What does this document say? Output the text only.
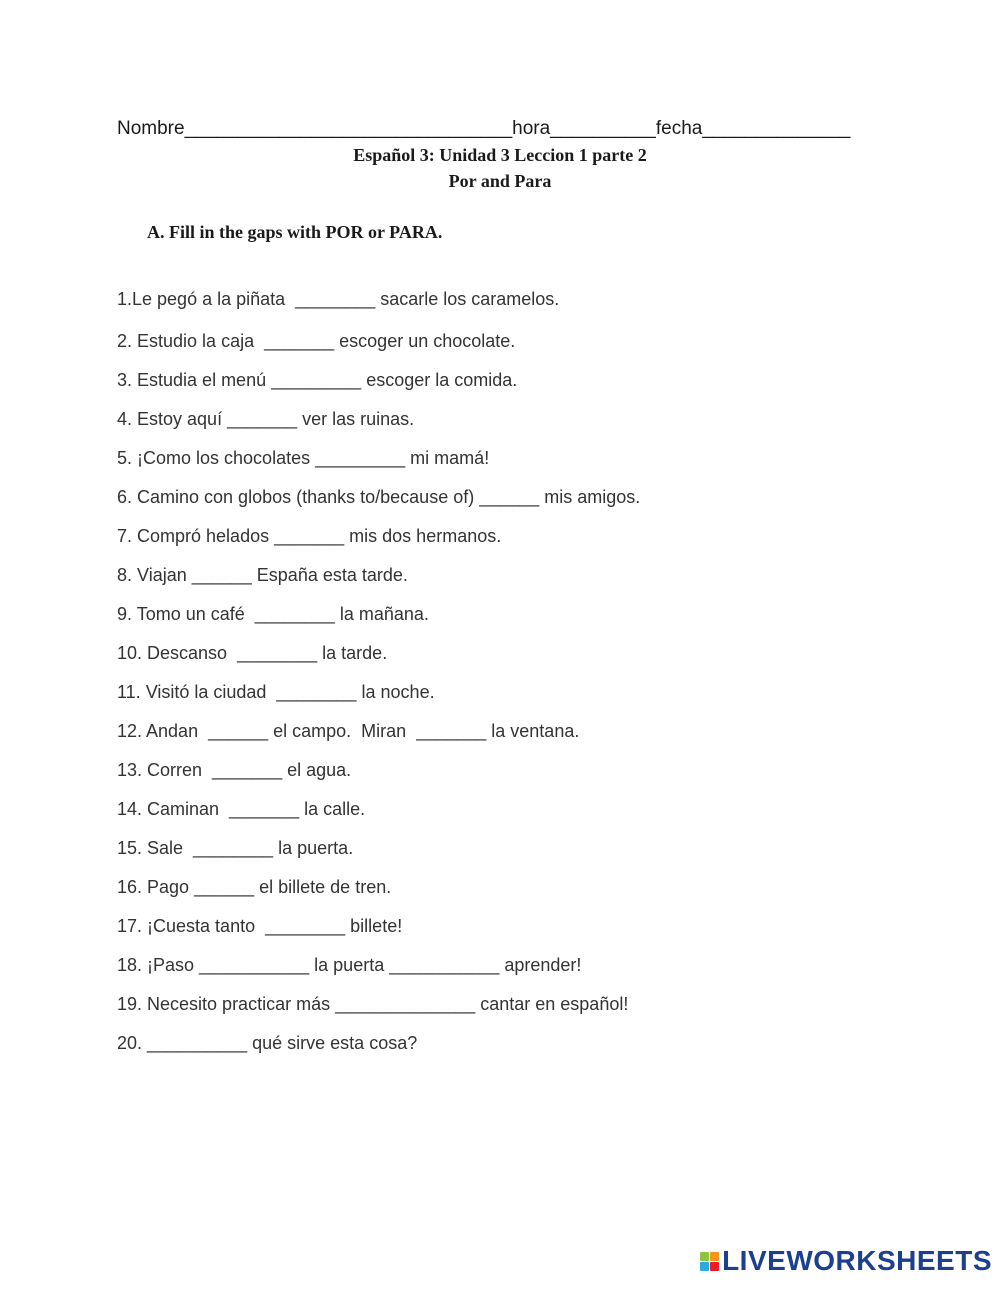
Nombre_______________________________hora__________fecha______________
Español 3: Unidad 3 Leccion 1 parte 2
Por and Para
A. Fill in the gaps with POR or PARA.
1.Le pegó a la piñata  ________ sacarle los caramelos.
2. Estudio la caja  _______ escoger un chocolate.
3. Estudia el menú _________ escoger la comida.
4. Estoy aquí _______ ver las ruinas.
5. ¡Como los chocolates _________ mi mamá!
6. Camino con globos (thanks to/because of) ______ mis amigos.
7. Compró helados _______ mis dos hermanos.
8. Viajan ______ España esta tarde.
9. Tomo un café  ________ la mañana.
10. Descanso  ________ la tarde.
11. Visitó la ciudad  ________ la noche.
12. Andan  ______ el campo.  Miran  _______ la ventana.
13. Corren  _______ el agua.
14. Caminan  _______ la calle.
15. Sale  ________ la puerta.
16. Pago ______ el billete de tren.
17. ¡Cuesta tanto  ________ billete!
18. ¡Paso ___________ la puerta ___________ aprender!
19. Necesito practicar más ______________ cantar en español!
20. __________ qué sirve esta cosa?
LIVEWORKSHEETS
